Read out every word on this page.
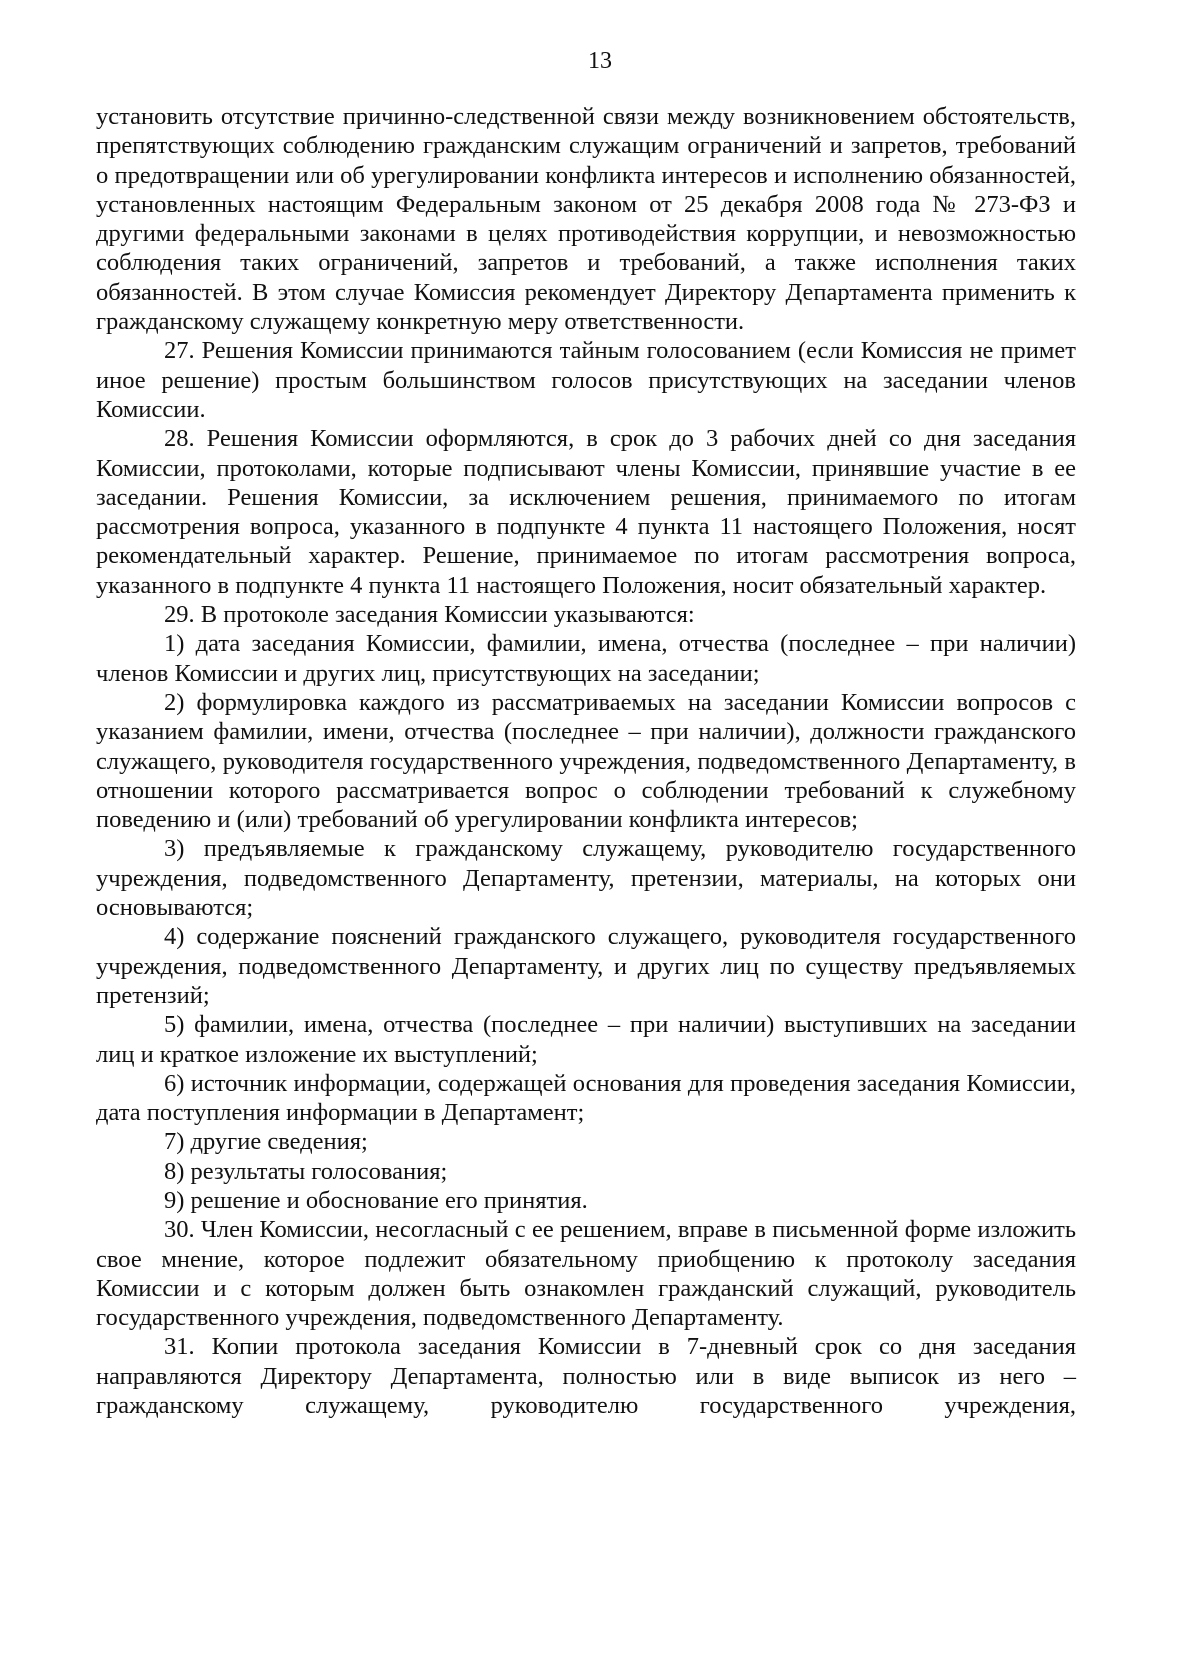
13

установить отсутствие причинно-следственной связи между возникновением обстоятельств, препятствующих соблюдению гражданским служащим ограничений и запретов, требований о предотвращении или об урегулировании конфликта интересов и исполнению обязанностей, установленных настоящим Федеральным законом от 25 декабря 2008 года № 273-ФЗ и другими федеральными законами в целях противодействия коррупции, и невозможностью соблюдения таких ограничений, запретов и требований, а также исполнения таких обязанностей. В этом случае Комиссия рекомендует Директору Департамента применить к гражданскому служащему конкретную меру ответственности.

27. Решения Комиссии принимаются тайным голосованием (если Комиссия не примет иное решение) простым большинством голосов присутствующих на заседании членов Комиссии.

28. Решения Комиссии оформляются, в срок до 3 рабочих дней со дня заседания Комиссии, протоколами, которые подписывают члены Комиссии, принявшие участие в ее заседании. Решения Комиссии, за исключением решения, принимаемого по итогам рассмотрения вопроса, указанного в подпункте 4 пункта 11 настоящего Положения, носят рекомендательный характер. Решение, принимаемое по итогам рассмотрения вопроса, указанного в подпункте 4 пункта 11 настоящего Положения, носит обязательный характер.

29. В протоколе заседания Комиссии указываются:

1) дата заседания Комиссии, фамилии, имена, отчества (последнее – при наличии) членов Комиссии и других лиц, присутствующих на заседании;

2) формулировка каждого из рассматриваемых на заседании Комиссии вопросов с указанием фамилии, имени, отчества (последнее – при наличии), должности гражданского служащего, руководителя государственного учреждения, подведомственного Департаменту, в отношении которого рассматривается вопрос о соблюдении требований к служебному поведению и (или) требований об урегулировании конфликта интересов;

3) предъявляемые к гражданскому служащему, руководителю государственного учреждения, подведомственного Департаменту, претензии, материалы, на которых они основываются;

4) содержание пояснений гражданского служащего, руководителя государственного учреждения, подведомственного Департаменту, и других лиц по существу предъявляемых претензий;

5) фамилии, имена, отчества (последнее – при наличии) выступивших на заседании лиц и краткое изложение их выступлений;

6) источник информации, содержащей основания для проведения заседания Комиссии, дата поступления информации в Департамент;

7) другие сведения;

8) результаты голосования;

9) решение и обоснование его принятия.

30. Член Комиссии, несогласный с ее решением, вправе в письменной форме изложить свое мнение, которое подлежит обязательному приобщению к протоколу заседания Комиссии и с которым должен быть ознакомлен гражданский служащий, руководитель государственного учреждения, подведомственного Департаменту.

31. Копии протокола заседания Комиссии в 7-дневный срок со дня заседания направляются Директору Департамента, полностью или в виде выписок из него – гражданскому служащему, руководителю государственного учреждения,
